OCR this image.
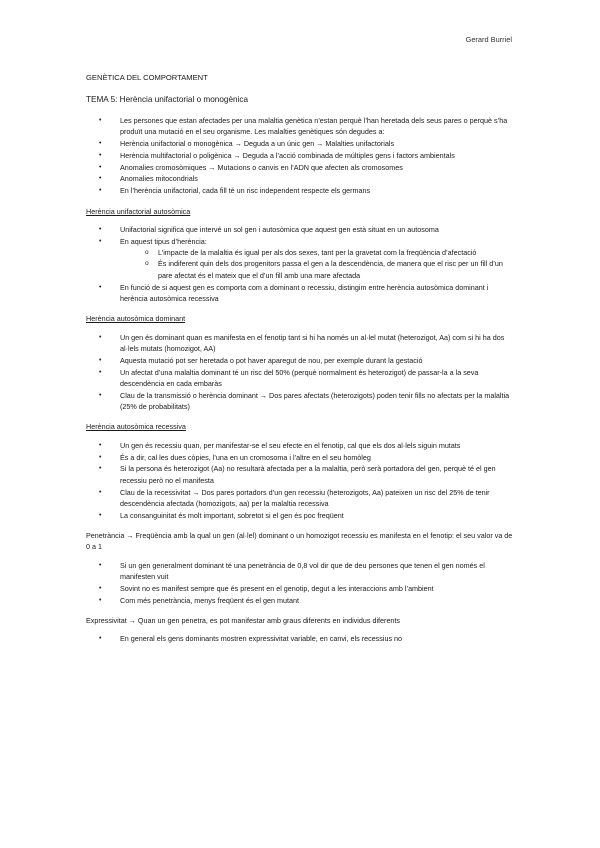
Gerard Burriel
GENÈTICA DEL COMPORTAMENT
TEMA 5: Herència unifactorial o monogènica
• Les persones que estan afectades per una malaltia genètica n’estan perquè l’han heretada dels seus pares o perquè s’ha produït una mutació en el seu organisme. Les malalties genètiques són degudes a:
• Herència unifactorial o monogènica → Deguda a un únic gen → Malalties unifactorials
• Herència multifactorial o poligènica → Deguda a l’acció combinada de múltiples gens i factors ambientals
• Anomalies cromosòmiques → Mutacions o canvis en l’ADN que afecten als cromosomes
• Anomalies mitocondrials
• En l’herència unifactorial, cada fill té un risc independent respecte els germans
Herència unifactorial autosòmica
• Unifactorial significa que intervé un sol gen i autosòmica que aquest gen està situat en un autosoma
• En aquest tipus d’herència:
o L’impacte de la malaltia és igual per als dos sexes, tant per la gravetat com la freqüència d’afectació
o És indiferent quin dels dos progenitors passa el gen a la descendència, de manera que el risc per un fill d’un pare afectat és el mateix que el d’un fill amb una mare afectada
• En funció de si aquest gen es comporta com a dominant o recessiu, distingim entre herència autosòmica dominant i herència autosòmica recessiva
Herència autosòmica dominant
• Un gen és dominant quan es manifesta en el fenotip tant si hi ha només un al·lel mutat (heterozigot, Aa) com si hi ha dos al·lels mutats (homozigot, AA)
• Aquesta mutació pot ser heretada o pot haver aparegut de nou, per exemple durant la gestació
• Un afectat d’una malaltia dominant té un risc del 50% (perquè normalment és heterozigot) de passar-la a la seva descendència en cada embaràs
• Clau de la transmissió o herència dominant → Dos pares afectats (heterozigots) poden tenir fills no afectats per la malaltia (25% de probabilitats)
Herència autosòmica recessiva
• Un gen és recessiu quan, per manifestar-se el seu efecte en el fenotip, cal que els dos al·lels siguin mutats
• És a dir, cal les dues còpies, l’una en un cromosoma i l’altre en el seu homòleg
• Si la persona és heterozigot (Aa) no resultarà afectada per a la malaltia, però serà portadora del gen, perquè té el gen recessiu però no el manifesta
• Clau de la recessivitat → Dos pares portadors d’un gen recessiu (heterozigots, Aa) pateixen un risc del 25% de tenir descendència afectada (homozigots, aa) per la malaltia recessiva
• La consanguinitat és molt important, sobretot si el gen és poc freqüent
Penetrància → Freqüència amb la qual un gen (al·lel) dominant o un homozigot recessiu es manifesta en el fenotip: el seu valor va de 0 a 1
• Si un gen generalment dominant té una penetrància de 0,8 vol dir que de deu persones que tenen el gen només el manifesten vuit
• Sovint no es manifest sempre que és present en el genotip, degut a les interaccions amb l’ambient
• Com més penetrància, menys freqüent és el gen mutant
Expressivitat → Quan un gen penetra, es pot manifestar amb graus diferents en individus diferents
• En general els gens dominants mostren expressivitat variable, en canvi, els recessius no
